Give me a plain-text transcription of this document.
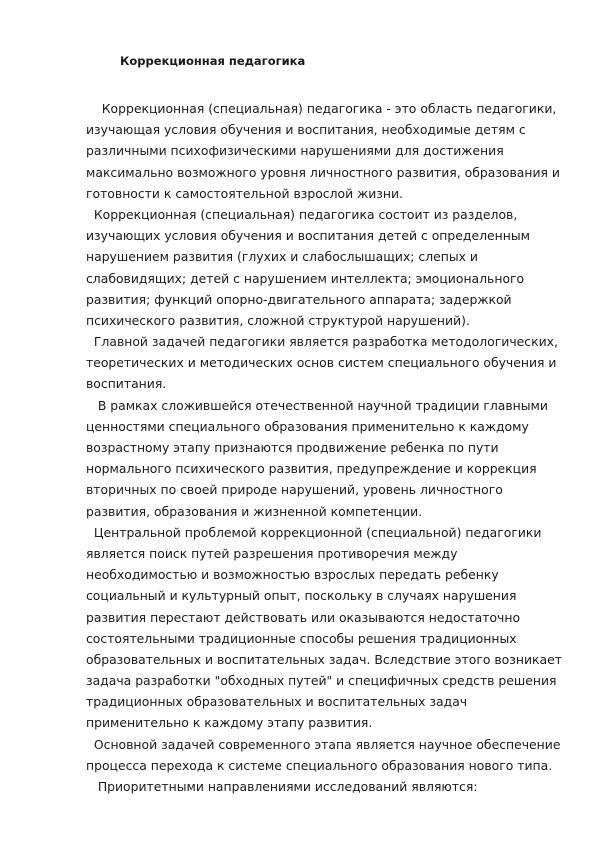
Коррекционная педагогика
Коррекционная (специальная) педагогика - это область педагогики,
изучающая условия обучения и воспитания, необходимые детям с
различными психофизическими нарушениями для достижения
максимально возможного уровня личностного развития, образования и
готовности к самостоятельной взрослой жизни.
Коррекционная (специальная) педагогика состоит из разделов,
изучающих условия обучения и воспитания детей с определенным
нарушением развития (глухих и слабослышащих; слепых и
слабовидящих; детей с нарушением интеллекта; эмоционального
развития; функций опорно-двигательного аппарата; задержкой
психического развития, сложной структурой нарушений).
Главной задачей педагогики является разработка методологических,
теоретических и методических основ систем специального обучения и
воспитания.
В рамках сложившейся отечественной научной традиции главными
ценностями специального образования применительно к каждому
возрастному этапу признаются продвижение ребенка по пути
нормального психического развития, предупреждение и коррекция
вторичных по своей природе нарушений, уровень личностного
развития, образования и жизненной компетенции.
Центральной проблемой коррекционной (специальной) педагогики
является поиск путей разрешения противоречия между
необходимостью и возможностью взрослых передать ребенку
социальный и культурный опыт, поскольку в случаях нарушения
развития перестают действовать или оказываются недостаточно
состоятельными традиционные способы решения традиционных
образовательных и воспитательных задач. Вследствие этого возникает
задача разработки "обходных путей" и специфичных средств решения
традиционных образовательных и воспитательных задач
применительно к каждому этапу развития.
Основной задачей современного этапа является научное обеспечение
процесса перехода к системе специального образования нового типа.
Приоритетными направлениями исследований являются:
